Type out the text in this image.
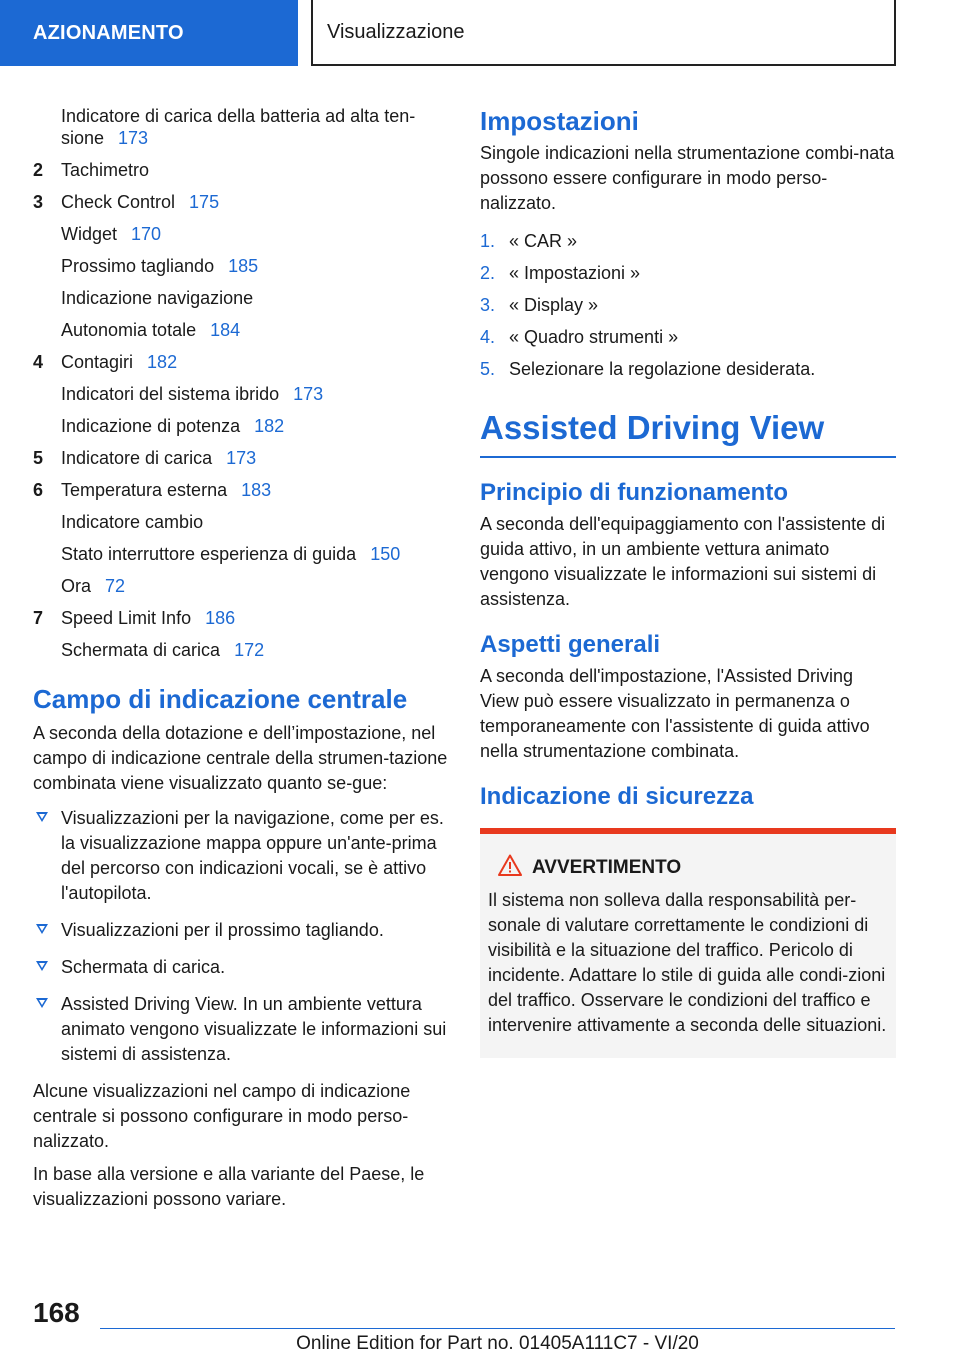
AZIONAMENTO	Visualizzazione
Indicatore di carica della batteria ad alta ten-
sione 173
2 Tachimetro
3 Check Control 175
Widget 170
Prossimo tagliando 185
Indicazione navigazione
Autonomia totale 184
4 Contagiri 182
Indicatori del sistema ibrido 173
Indicazione di potenza 182
5 Indicatore di carica 173
6 Temperatura esterna 183
Indicatore cambio
Stato interruttore esperienza di guida 150
Ora 72
7 Speed Limit Info 186
Schermata di carica 172
Campo di indicazione centrale

A seconda della dotazione e dell’impostazione, nel campo di indicazione centrale della strumen-tazione combinata viene visualizzato quanto se-gue:

Visualizzazioni per la navigazione, come per es. la visualizzazione mappa oppure un'ante-prima del percorso con indicazioni vocali, se è attivo l'autopilota.
Visualizzazioni per il prossimo tagliando.
Schermata di carica.
Assisted Driving View. In un ambiente vettura animato vengono visualizzate le informazioni sui sistemi di assistenza.

Alcune visualizzazioni nel campo di indicazione centrale si possono configurare in modo perso-nalizzato.

In base alla versione e alla variante del Paese, le visualizzazioni possono variare.

Impostazioni

Singole indicazioni nella strumentazione combi-nata possono essere configurare in modo perso-nalizzato.

1. « CAR »
2. « Impostazioni »
3. « Display »
4. « Quadro strumenti »
5. Selezionare la regolazione desiderata.
Assisted Driving View
Principio di funzionamento

A seconda dell'equipaggiamento con l'assistente di guida attivo, in un ambiente vettura animato vengono visualizzate le informazioni sui sistemi di assistenza.

Aspetti generali

A seconda dell'impostazione, l'Assisted Driving View può essere visualizzato in permanenza o temporaneamente con l'assistente di guida attivo nella strumentazione combinata.

Indicazione di sicurezza
AVVERTIMENTO

Il sistema non solleva dalla responsabilità per-sonale di valutare correttamente le condizioni di visibilità e la situazione del traffico. Pericolo di incidente. Adattare lo stile di guida alle condi-zioni del traffico. Osservare le condizioni del traffico e intervenire attivamente a seconda delle situazioni.

168
Online Edition for Part no. 01405A111C7 - VI/20
